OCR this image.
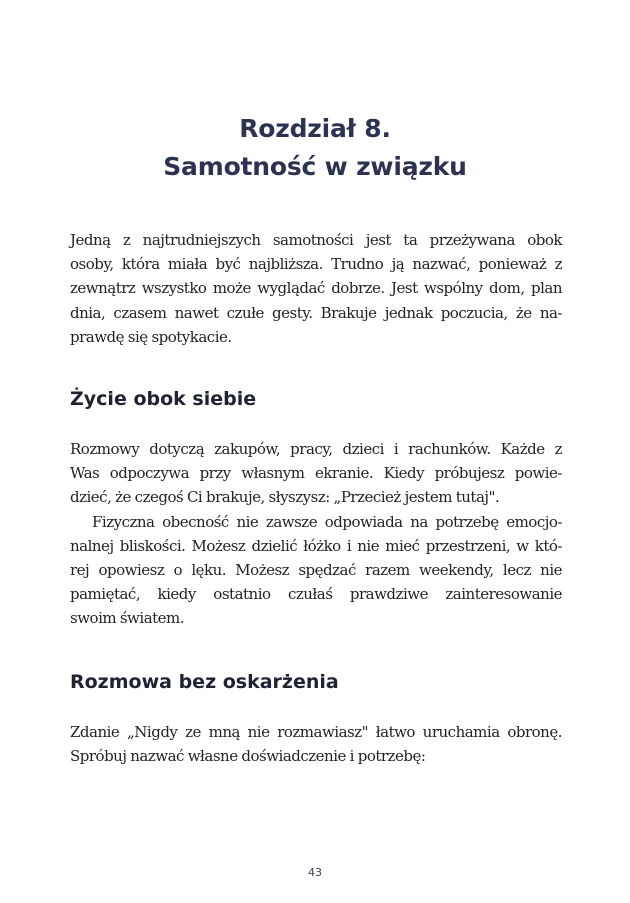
Rozdział 8.
Samotność w związku
Jedną z najtrudniejszych samotności jest ta przeżywana obok
osoby, która miała być najbliższa. Trudno ją nazwać, ponieważ z
zewnątrz wszystko może wyglądać dobrze. Jest wspólny dom, plan
dnia, czasem nawet czułe gesty. Brakuje jednak poczucia, że na-
prawdę się spotykacie.
Życie obok siebie
Rozmowy dotyczą zakupów, pracy, dzieci i rachunków. Każde z
Was odpoczywa przy własnym ekranie. Kiedy próbujesz powie-
dzieć, że czegoś Ci brakuje, słyszysz: „Przecież jestem tutaj".
Fizyczna obecność nie zawsze odpowiada na potrzebę emocjo-
nalnej bliskości. Możesz dzielić łóżko i nie mieć przestrzeni, w któ-
rej opowiesz o lęku. Możesz spędzać razem weekendy, lecz nie
pamiętać, kiedy ostatnio czułaś prawdziwe zainteresowanie
swoim światem.
Rozmowa bez oskarżenia
Zdanie „Nigdy ze mną nie rozmawiasz" łatwo uruchamia obronę.
Spróbuj nazwać własne doświadczenie i potrzebę:
43
